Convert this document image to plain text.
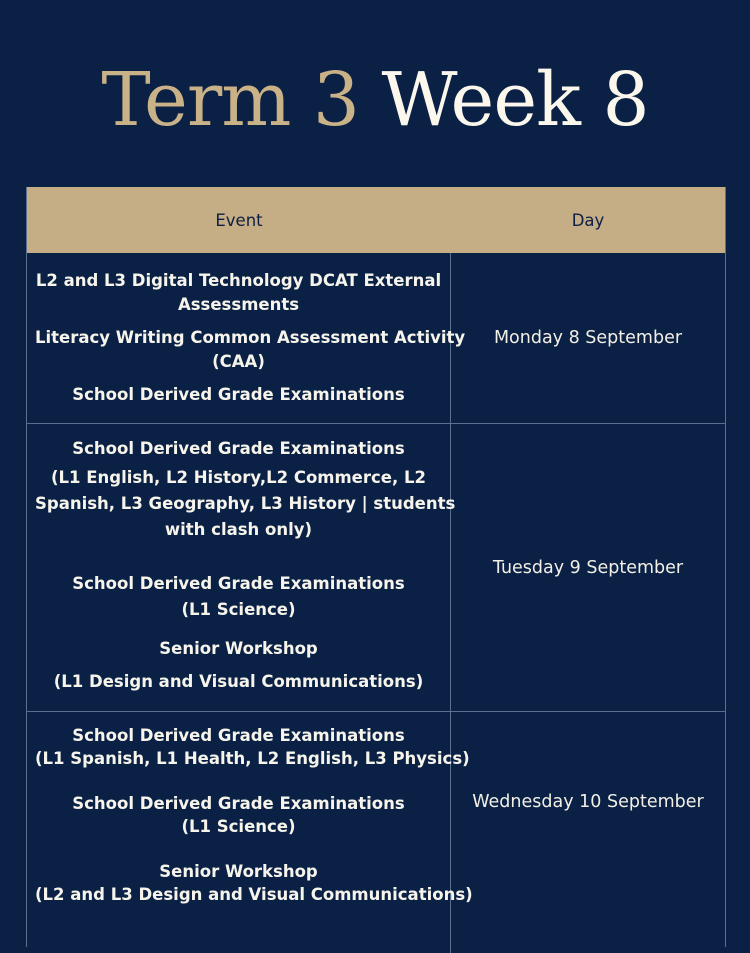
Term 3 Week 8
Event	Day
L2 and L3 Digital Technology DCAT External
Assessments
Literacy Writing Common Assessment Activity
(CAA)
School Derived Grade Examinations
Monday 8 September
School Derived Grade Examinations
(L1 English, L2 History,L2 Commerce, L2
Spanish, L3 Geography, L3 History | students
with clash only)
School Derived Grade Examinations
(L1 Science)
Senior Workshop
(L1 Design and Visual Communications)
Tuesday 9 September
School Derived Grade Examinations
(L1 Spanish, L1 Health, L2 English, L3 Physics)
School Derived Grade Examinations
(L1 Science)
Senior Workshop
(L2 and L3 Design and Visual Communications)
Wednesday 10 September
